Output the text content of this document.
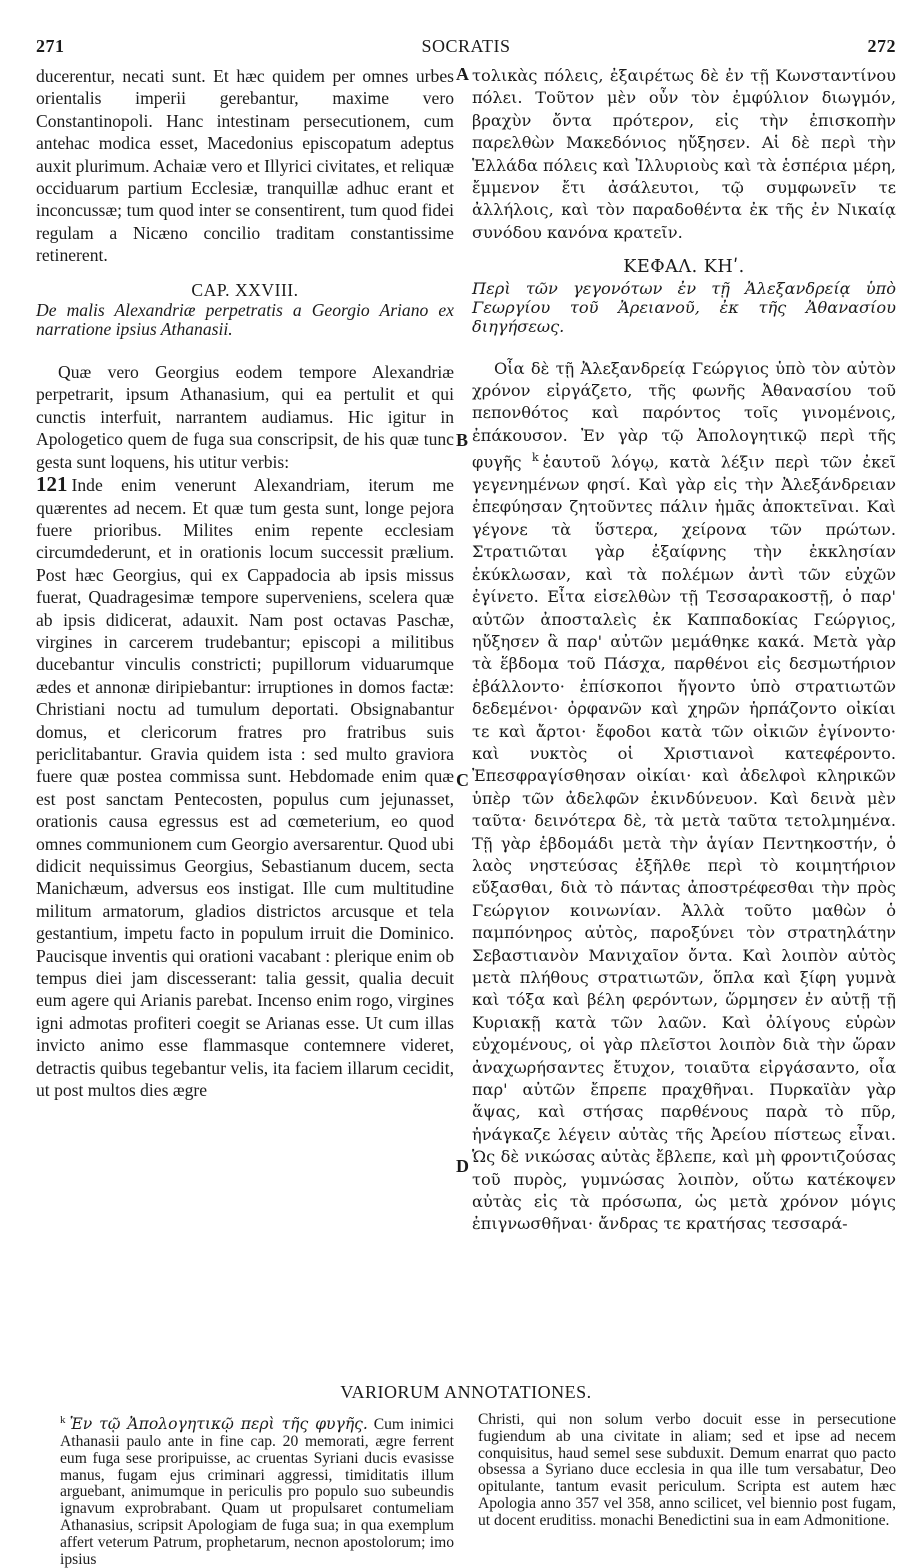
271	SOCRATIS	272

ducerentur, necati sunt. Et hæc quidem per omnes urbes orientalis imperii gerebantur, maxime vero Constantinopoli. Hanc intestinam persecutionem, cum antehac modica esset, Macedonius episcopatum adeptus auxit plurimum. Achaiæ vero et Illyrici civitates, et reliquæ occiduarum partium Ecclesiæ, tranquillæ adhuc erant et inconcussæ; tum quod inter se consentirent, tum quod fidei regulam a Nicæno concilio traditam constantissime retinerent.

CAP. XXVIII.

De malis Alexandriæ perpetratis a Georgio Ariano ex narratione ipsius Athanasii.

Quæ vero Georgius eodem tempore Alexandriæ perpetrarit, ipsum Athanasium, qui ea pertulit et qui cunctis interfuit, narrantem audiamus. Hic igitur in Apologetico quem de fuga sua conscripsit, de his quæ tunc gesta sunt loquens, his utitur verbis:

121 Inde enim venerunt Alexandriam, iterum me quærentes ad necem. Et quæ tum gesta sunt, longe pejora fuere prioribus. Milites enim repente ecclesiam circumdederunt, et in orationis locum successit prælium. Post hæc Georgius, qui ex Cappadocia ab ipsis missus fuerat, Quadragesimæ tempore superveniens, scelera quæ ab ipsis didicerat, adauxit. Nam post octavas Paschæ, virgines in carcerem trudebantur; episcopi a militibus ducebantur vinculis constricti; pupillorum viduarumque ædes et annonæ diripiebantur: irruptiones in domos factæ: Christiani noctu ad tumulum deportati. Obsignabantur domus, et clericorum fratres pro fratribus suis periclitabantur. Gravia quidem ista : sed multo graviora fuere quæ postea commissa sunt. Hebdomade enim quæ est post sanctam Pentecosten, populus cum jejunasset, orationis causa egressus est ad cœmeterium, eo quod omnes communionem cum Georgio aversarentur. Quod ubi didicit nequissimus Georgius, Sebastianum ducem, secta Manichæum, adversus eos instigat. Ille cum multitudine militum armatorum, gladios districtos arcusque et tela gestantium, impetu facto in populum irruit die Dominico. Paucisque inventis qui orationi vacabant : plerique enim ob tempus diei jam discesserant: talia gessit, qualia decuit eum agere qui Arianis parebat. Incenso enim rogo, virgines igni admotas profiteri coegit se Arianas esse. Ut cum illas invicto animo esse flammasque contemnere videret, detractis quibus tegebantur velis, ita faciem illarum cecidit, ut post multos dies ægre

A
B
C
D

τολικὰς πόλεις, ἐξαιρέτως δὲ ἐν τῇ Κωνσταντίνου πόλει. Τοῦτον μὲν οὖν τὸν ἐμφύλιον διωγμόν, βραχὺν ὄντα πρότερον, εἰς τὴν ἐπισκοπὴν παρελθὼν Μακεδόνιος ηὔξησεν. Αἱ δὲ περὶ τὴν Ἑλλάδα πόλεις καὶ Ἰλλυριοὺς καὶ τὰ ἑσπέρια μέρη, ἔμμενον ἔτι ἀσάλευτοι, τῷ συμφωνεῖν τε ἀλλήλοις, καὶ τὸν παραδοθέντα ἐκ τῆς ἐν Νικαίᾳ συνόδου κανόνα κρατεῖν.

ΚΕΦΑΛ. ΚΗʹ.

Περὶ τῶν γεγονότων ἐν τῇ Ἀλεξανδρείᾳ ὑπὸ Γεωργίου τοῦ Ἀρειανοῦ, ἐκ τῆς Ἀθανασίου διηγήσεως.

Οἷα δὲ τῇ Ἀλεξανδρείᾳ Γεώργιος ὑπὸ τὸν αὐτὸν χρόνον εἰργάζετο, τῆς φωνῆς Ἀθανασίου τοῦ πεπονθότος καὶ παρόντος τοῖς γινομένοις, ἐπάκουσον. Ἐν γὰρ τῷ Ἀπολογητικῷ περὶ τῆς φυγῆς $^k$ ἑαυτοῦ λόγῳ, κατὰ λέξιν περὶ τῶν ἐκεῖ γεγενημένων φησί. Καὶ γὰρ εἰς τὴν Ἀλεξάνδρειαν ἐπεφύησαν ζητοῦντες πάλιν ἡμᾶς ἀποκτεῖναι. Καὶ γέγονε τὰ ὕστερα, χείρονα τῶν πρώτων. Στρατιῶται γὰρ ἐξαίφνης τὴν ἐκκλησίαν ἐκύκλωσαν, καὶ τὰ πολέμων ἀντὶ τῶν εὐχῶν ἐγίνετο. Εἶτα εἰσελθὼν τῇ Τεσσαρακοστῇ, ὁ παρ' αὐτῶν ἀποσταλεὶς ἐκ Καππαδοκίας Γεώργιος, ηὔξησεν ἃ παρ' αὐτῶν μεμάθηκε κακά. Μετὰ γὰρ τὰ ἕβδομα τοῦ Πάσχα, παρθένοι εἰς δεσμωτήριον ἐβάλλοντο· ἐπίσκοποι ἤγοντο ὑπὸ στρατιωτῶν δεδεμένοι· ὀρφανῶν καὶ χηρῶν ἡρπάζοντο οἰκίαι τε καὶ ἄρτοι· ἔφοδοι κατὰ τῶν οἰκιῶν ἐγίνοντο· καὶ νυκτὸς οἱ Χριστιανοὶ κατεφέροντο. Ἐπεσφραγίσθησαν οἰκίαι· καὶ ἀδελφοὶ κληρικῶν ὑπὲρ τῶν ἀδελφῶν ἐκινδύνευον. Καὶ δεινὰ μὲν ταῦτα· δεινότερα δὲ, τὰ μετὰ ταῦτα τετολμημένα. Τῇ γὰρ ἑβδομάδι μετὰ τὴν ἁγίαν Πεντηκοστήν, ὁ λαὸς νηστεύσας ἐξῆλθε περὶ τὸ κοιμητήριον εὔξασθαι, διὰ τὸ πάντας ἀποστρέφεσθαι τὴν πρὸς Γεώργιον κοινωνίαν. Ἀλλὰ τοῦτο μαθὼν ὁ παμπόνηρος αὐτὸς, παροξύνει τὸν στρατηλάτην Σεβαστιανὸν Μανιχαῖον ὄντα. Καὶ λοιπὸν αὐτὸς μετὰ πλήθους στρατιωτῶν, ὅπλα καὶ ξίφη γυμνὰ καὶ τόξα καὶ βέλη φερόντων, ὥρμησεν ἐν αὐτῇ τῇ Κυριακῇ κατὰ τῶν λαῶν. Καὶ ὀλίγους εὑρὼν εὐχομένους, οἱ γὰρ πλεῖστοι λοιπὸν διὰ τὴν ὥραν ἀναχωρήσαντες ἔτυχον, τοιαῦτα εἰργάσαντο, οἷα παρ' αὐτῶν ἔπρεπε πραχθῆναι. Πυρκαϊὰν γὰρ ἅψας, καὶ στήσας παρθένους παρὰ τὸ πῦρ, ἠνάγκαζε λέγειν αὐτὰς τῆς Ἀρείου πίστεως εἶναι. Ὡς δὲ νικώσας αὐτὰς ἔβλεπε, καὶ μὴ φροντιζούσας τοῦ πυρὸς, γυμνώσας λοιπὸν, οὕτω κατέκοψεν αὐτὰς εἰς τὰ πρόσωπα, ὡς μετὰ χρόνον μόγις ἐπιγνωσθῆναι· ἄνδρας τε κρατήσας τεσσαρά-

VARIORUM ANNOTATIONES.

$^k$ Ἐν τῷ Ἀπολογητικῷ περὶ τῆς φυγῆς. Cum inimici Athanasii paulo ante in fine cap. 20 memorati, ægre ferrent eum fuga sese proripuisse, ac cruentas Syriani ducis evasisse manus, fugam ejus criminari aggressi, timiditatis illum arguebant, animumque in periculis pro populo suo subeundis ignavum exprobrabant. Quam ut propulsaret contumeliam Athanasius, scripsit Apologiam de fuga sua; in qua exemplum affert veterum Patrum, prophetarum, necnon apostolorum; imo ipsius

Christi, qui non solum verbo docuit esse in persecutione fugiendum ab una civitate in aliam; sed et ipse ad necem conquisitus, haud semel sese subduxit. Demum enarrat quo pacto obsessa a Syriano duce ecclesia in qua ille tum versabatur, Deo opitulante, tantum evasit periculum. Scripta est autem hæc Apologia anno 357 vel 358, anno scilicet, vel biennio post fugam, ut docent eruditiss. monachi Benedictini sua in eam Admonitione.
